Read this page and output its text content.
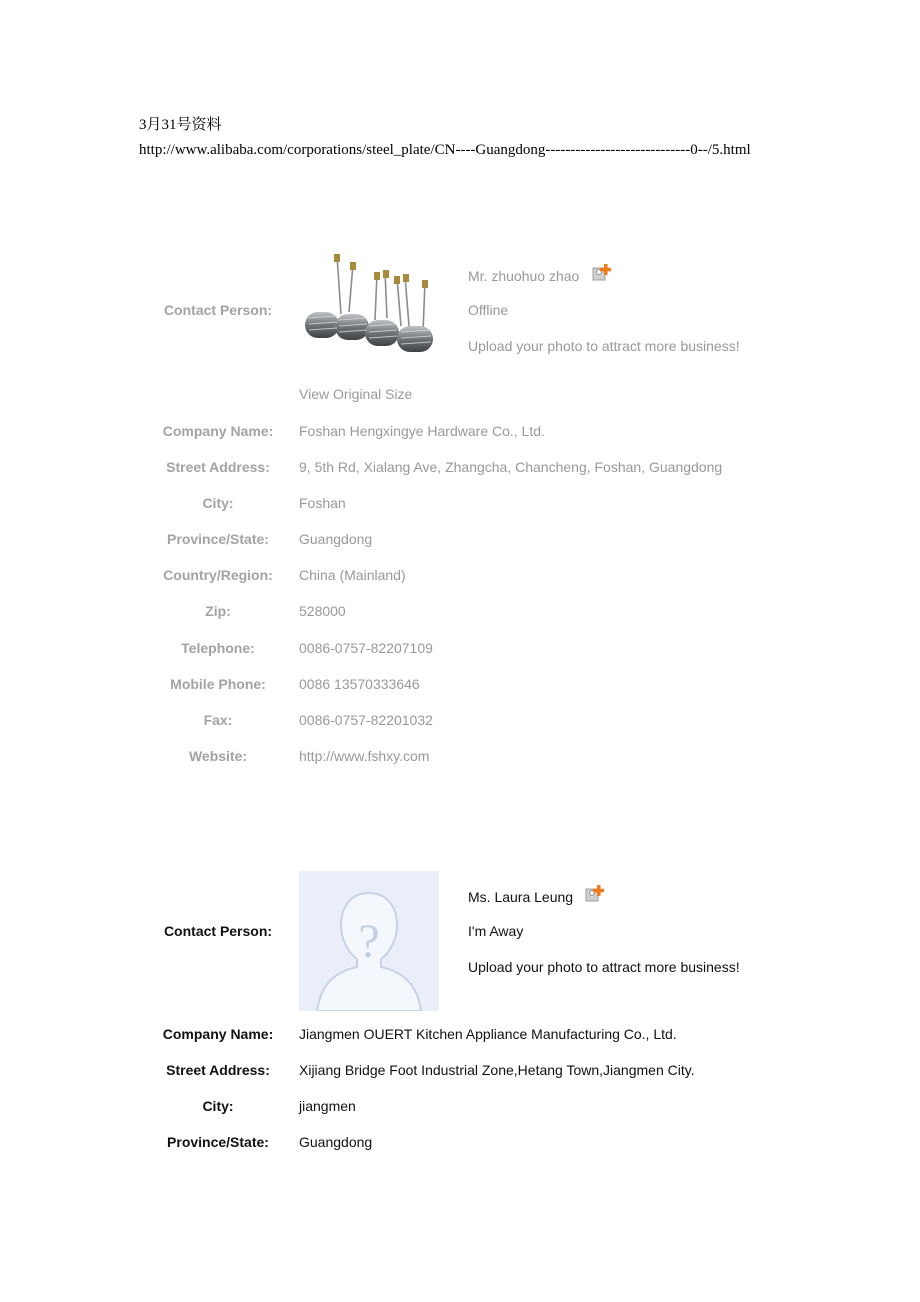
3月31号资料
http://www.alibaba.com/corporations/steel_plate/CN----Guangdong-----------------------------0--/5.html
Contact Person:
Mr. zhuohuo zhao
Offline
Upload your photo to attract more business!
View Original Size
Company Name:	Foshan Hengxingye Hardware Co., Ltd.
Street Address:	9, 5th Rd, Xialang Ave, Zhangcha, Chancheng, Foshan, Guangdong
City:	Foshan
Province/State:	Guangdong
Country/Region:	China (Mainland)
Zip:	528000
Telephone:	0086-0757-82207109
Mobile Phone:	0086 13570333646
Fax:	0086-0757-82201032
Website:	http://www.fshxy.com
Contact Person:	?
Ms. Laura Leung
I'm Away
Upload your photo to attract more business!
Company Name:	Jiangmen OUERT Kitchen Appliance Manufacturing Co., Ltd.
Street Address:	Xijiang Bridge Foot Industrial Zone,Hetang Town,Jiangmen City.
City:	jiangmen
Province/State:	Guangdong
